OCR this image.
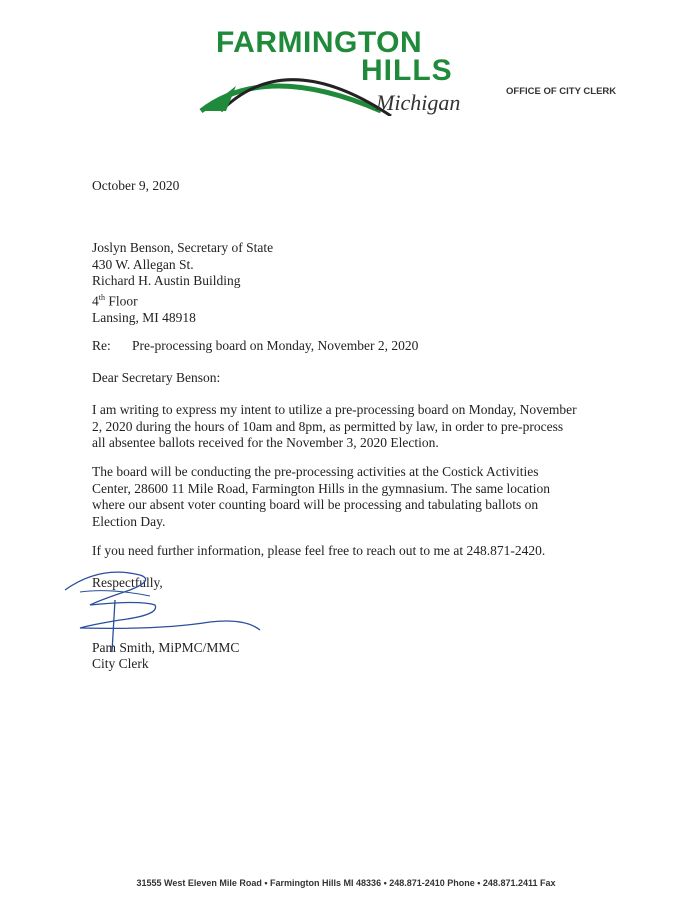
FARMINGTON
HILLS
Michigan	OFFICE OF CITY CLERK
October 9, 2020
Joslyn Benson, Secretary of State
430 W. Allegan St.
Richard H. Austin Building
4th Floor
Lansing, MI 48918
Re: Pre-processing board on Monday, November 2, 2020
Dear Secretary Benson:

I am writing to express my intent to utilize a pre-processing board on Monday, November

2, 2020 during the hours of 10am and 8pm, as permitted by law, in order to pre-process

all absentee ballots received for the November 3, 2020 Election.

The board will be conducting the pre-processing activities at the Costick Activities

Center, 28600 11 Mile Road, Farmington Hills in the gymnasium. The same location

where our absent voter counting board will be processing and tabulating ballots on

Election Day.

If you need further information, please feel free to reach out to me at 248.871-2420.
Respectfully,
Pam Smith, MiPMC/MMC
City Clerk
31555 West Eleven Mile Road • Farmington Hills MI 48336 • 248.871-2410 Phone • 248.871.2411 Fax
